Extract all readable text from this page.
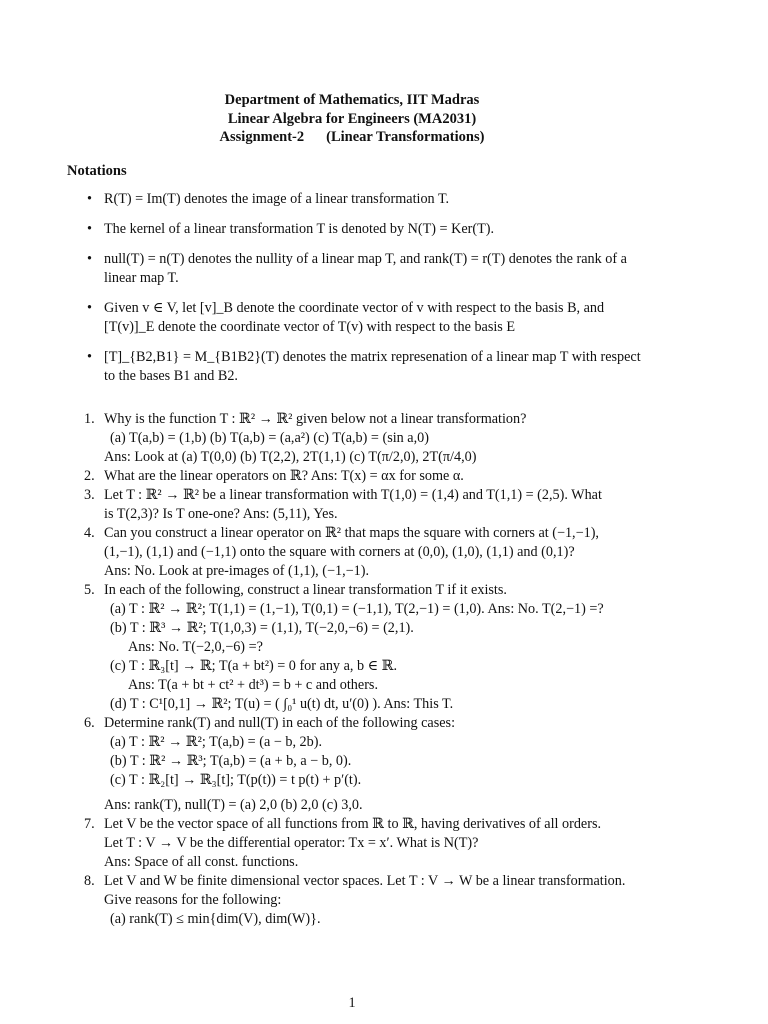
Department of Mathematics, IIT Madras
Linear Algebra for Engineers (MA2031)
Assignment-2 (Linear Transformations)
Notations
• R(T) = Im(T) denotes the image of a linear transformation T.
• The kernel of a linear transformation T is denoted by N(T) = Ker(T).
• null(T) = n(T) denotes the nullity of a linear map T, and rank(T) = r(T) denotes the rank of a linear map T.
• Given v ∈ V, let [v]_B denote the coordinate vector of v with respect to the basis B, and [T(v)]_E denote the coordinate vector of T(v) with respect to the basis E
• [T]_{B2,B1} = M_{B1B2}(T) denotes the matrix represenation of a linear map T with respect to the bases B1 and B2.
1. Why is the function T : ℝ² → ℝ² given below not a linear transformation?
(a) T(a,b) = (1,b) (b) T(a,b) = (a,a²) (c) T(a,b) = (sin a,0)
Ans: Look at (a) T(0,0) (b) T(2,2), 2T(1,1) (c) T(π/2,0), 2T(π/4,0)
2. What are the linear operators on ℝ? Ans: T(x) = αx for some α.
3. Let T : ℝ² → ℝ² be a linear transformation with T(1,0) = (1,4) and T(1,1) = (2,5). What
is T(2,3)? Is T one-one? Ans: (5,11), Yes.
4. Can you construct a linear operator on ℝ² that maps the square with corners at (−1,−1),
(1,−1), (1,1) and (−1,1) onto the square with corners at (0,0), (1,0), (1,1) and (0,1)?
Ans: No. Look at pre-images of (1,1), (−1,−1).
5. In each of the following, construct a linear transformation T if it exists.
(a) T : ℝ² → ℝ²; T(1,1) = (1,−1), T(0,1) = (−1,1), T(2,−1) = (1,0). Ans: No. T(2,−1) =?
(b) T : ℝ³ → ℝ²; T(1,0,3) = (1,1), T(−2,0,−6) = (2,1).
Ans: No. T(−2,0,−6) =?
(c) T : ℝ₃[t] → ℝ; T(a + bt²) = 0 for any a, b ∈ ℝ.
Ans: T(a + bt + ct² + dt³) = b + c and others.
(d) T : C¹[0,1] → ℝ²; T(u) = ( ∫₀¹ u(t) dt, u′(0) ). Ans: This T.
6. Determine rank(T) and null(T) in each of the following cases:
(a) T : ℝ² → ℝ²; T(a,b) = (a − b, 2b).
(b) T : ℝ² → ℝ³; T(a,b) = (a + b, a − b, 0).
(c) T : ℝ₂[t] → ℝ₃[t]; T(p(t)) = t p(t) + p′(t).
Ans: rank(T), null(T) = (a) 2,0 (b) 2,0 (c) 3,0.
7. Let V be the vector space of all functions from ℝ to ℝ, having derivatives of all orders.
Let T : V → V be the differential operator: Tx = x′. What is N(T)?
Ans: Space of all const. functions.
8. Let V and W be finite dimensional vector spaces. Let T : V → W be a linear transformation.
Give reasons for the following:
(a) rank(T) ≤ min{dim(V), dim(W)}.
1
